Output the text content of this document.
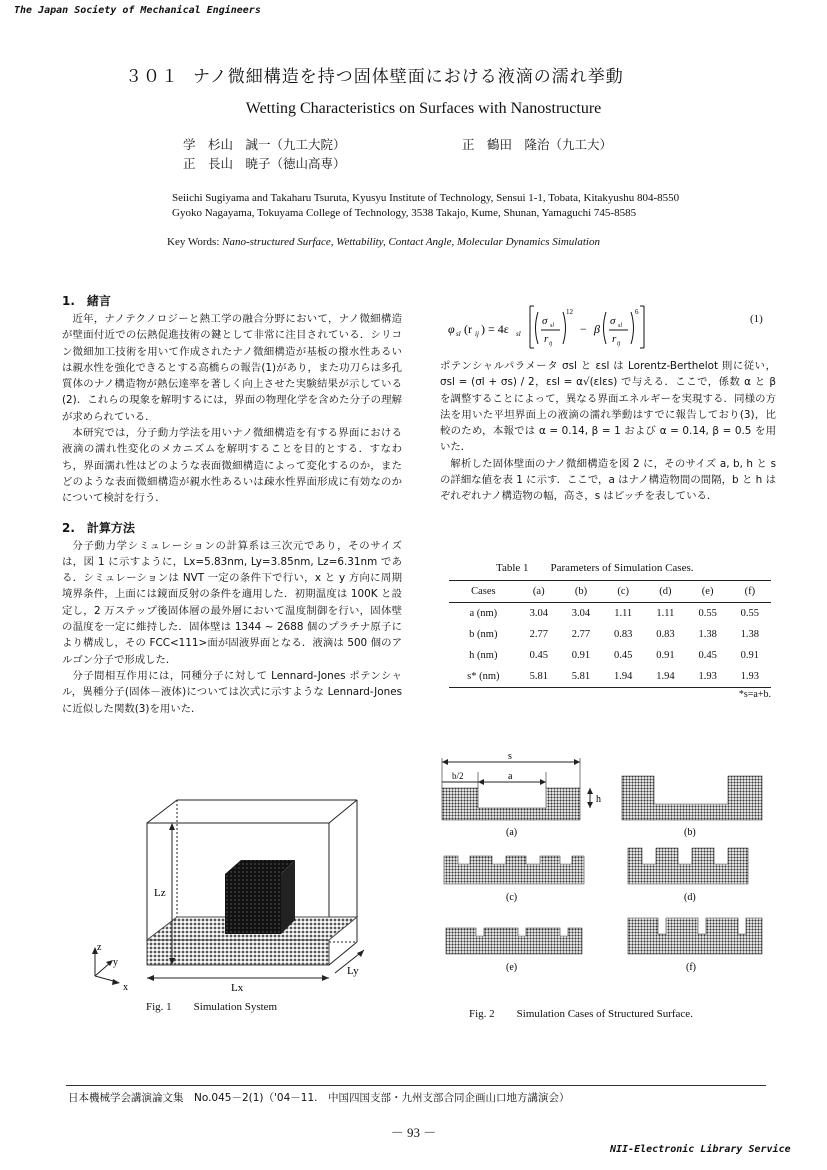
The Japan Society of Mechanical Engineers
３０１ ナノ微細構造を持つ固体壁面における液滴の濡れ挙動
Wetting Characteristics on Surfaces with Nanostructure
学　杉山　誠一（九工大院）
正　長山　暁子（徳山高専）
正　鶴田　隆治（九工大）
Seiichi Sugiyama and Takaharu Tsuruta, Kyusyu Institute of Technology, Sensui 1-1, Tobata, Kitakyushu 804-8550
Gyoko Nagayama, Tokuyama College of Technology, 3538 Takajo, Kume, Shunan, Yamaguchi 745-8585
Key Words: Nano-structured Surface, Wettability, Contact Angle, Molecular Dynamics Simulation
1.　緒言
近年，ナノテクノロジーと熱工学の融合分野において，ナノ微細構造が壁面付近での伝熱促進技術の鍵として非常に注目されている．シリコン微細加工技術を用いて作成されたナノ微細構造が基板の撥水性あるいは親水性を強化できるとする高橋らの報告(1)があり，また功刀らは多孔質体のナノ構造物が熱伝達率を著しく向上させた実験結果が示している(2)．これらの現象を解明するには，界面の物理化学を含めた分子の理解が求められている．
本研究では，分子動力学法を用いナノ微細構造を有する界面における液滴の濡れ性変化のメカニズムを解明することを目的とする．すなわち，界面濡れ性はどのような表面微細構造によって変化するのか，またどのような表面微細構造が親水性あるいは疎水性界面形成に有効なのかについて検討を行う．
2.　計算方法
分子動力学シミュレーションの計算系は三次元であり，そのサイズは，図 1 に示すように，Lx=5.83nm, Ly=3.85nm, Lz=6.31nm である．シミュレーションは NVT 一定の条件下で行い，x と y 方向に周期境界条件，上面には鏡面反射の条件を適用した．初期温度は 100K と設定し，2 万ステップ後固体層の最外層において温度制御を行い，固体壁の温度を一定に維持した．固体壁は 1344 ~ 2688 個のプラチナ原子により構成し，その FCC<111>面が固液界面となる．液滴は 500 個のアルゴン分子で形成した．
分子間相互作用には，同種分子に対して Lennard-Jones ポテンシャル，異種分子(固体－液体)については次式に示すような Lennard-Jones に近似した関数(3)を用いた．
φ sl (r ij ) = 4ε sl
σ sl
r ij
12
− β
σ sl
r ij
6
(1)
ポテンシャルパラメータ σsl と εsl は Lorentz-Berthelot 則に従い，σsl = (σl + σs) / 2，εsl = α√(εlεs) で与える．ここで，係数 α と β を調整することによって，異なる界面エネルギーを実現する．同様の方法を用いた平坦界面上の液滴の濡れ挙動はすでに報告しており(3)，比較のため，本報では α = 0.14, β = 1 および α = 0.14, β = 0.5 を用いた．
解析した固体壁面のナノ微細構造を図 2 に，そのサイズ a, b, h と s の詳細な値を表 1 に示す．ここで，a はナノ構造物間の間隔，b と h はぞれぞれナノ構造物の幅，高さ，s はピッチを表している．
Table 1　　Parameters of Simulation Cases.
Cases	(a)	(b)	(c)	(d)	(e)	(f)
a (nm)	3.04	3.04	1.11	1.11	0.55	0.55
b (nm)	2.77	2.77	0.83	0.83	1.38	1.38
h (nm)	0.45	0.91	0.45	0.91	0.45	0.91
s* (nm)	5.81	5.81	1.94	1.94	1.93	1.93
*s=a+b.
Lz
Lx
Ly
z
y
x
Fig. 1　　Simulation System
s
b/2	a
h
(a)	(b)
(c)	(d)
(e)	(f)
Fig. 2　　Simulation Cases of Structured Surface.
日本機械学会講演論文集　No.045－2(1)（'04－11.　中国四国支部・九州支部合同企画山口地方講演会）
－ 93 －
NII-Electronic Library Service
